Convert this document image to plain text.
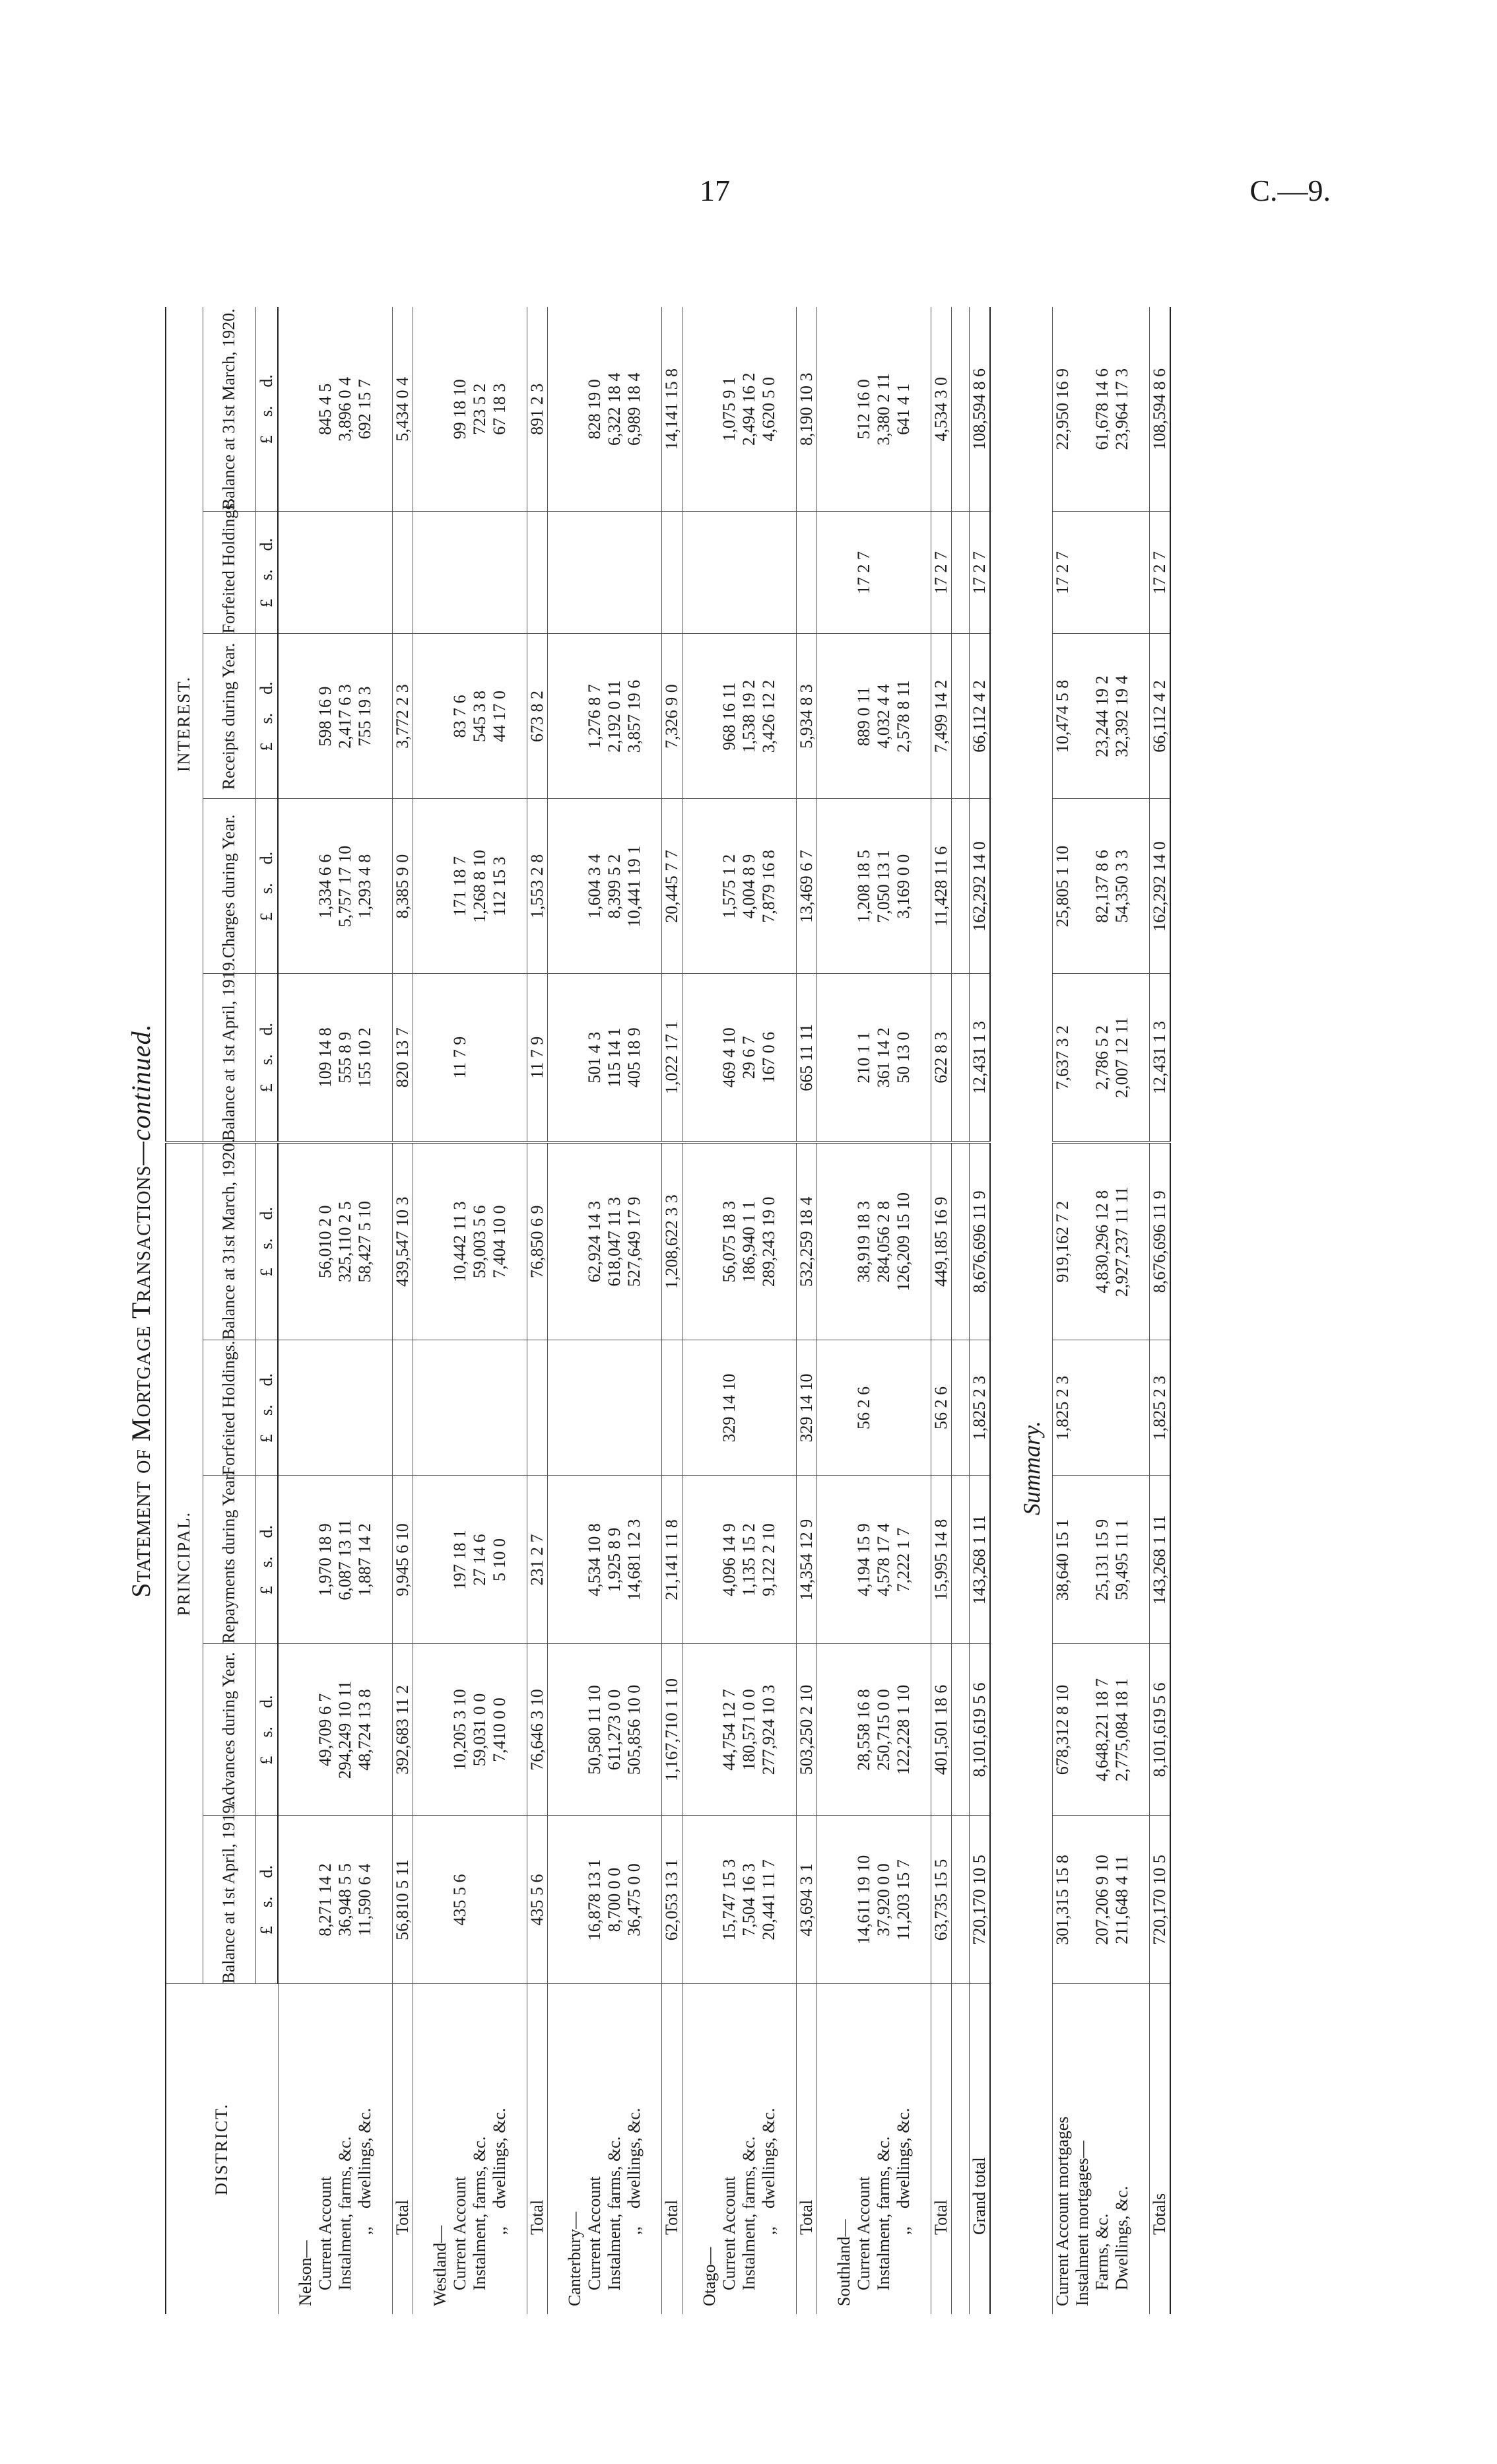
17	C.—9.
Statement of Mortgage Transactions—continued.
DISTRICT.	PRINCIPAL.					INTEREST.				
	Balance at 1st April, 1919.	Advances during Year.	Repayments during Year.	Forfeited Holdings.	Balance at 31st March, 1920.	Balance at 1st April, 1919.	Charges during Year.	Receipts during Year.	Forfeited Holdings.	Balance at 31st March, 1920.
	£s.d.	£s.d.	£s.d.	£s.d.	£s.d.	£s.d.	£s.d.	£s.d.	£s.d.	£s.d.

Nelson—										
Current Account	8,271 14 2	49,709 6 7	1,970 18 9		56,010 2 0	109 14 8	1,334 6 6	598 16 9		845 4 5
Instalment, farms, &c.	36,948 5 5	294,249 10 11	6,087 13 11		325,110 2 5	555 8 9	5,757 17 10	2,417 6 3		3,896 0 4
,,dwellings, &c.	11,590 6 4	48,724 13 8	1,887 14 2		58,427 5 10	155 10 2	1,293 4 8	755 19 3		692 15 7

Total	56,810 5 11	392,683 11 2	9,945 6 10		439,547 10 3	820 13 7	8,385 9 0	3,772 2 3		5,434 0 4

Westland—										
Current Account	435 5 6	10,205 3 10	197 18 1		10,442 11 3	11 7 9	171 18 7	83 7 6		99 18 10
Instalment, farms, &c.		59,031 0 0	27 14 6		59,003 5 6		1,268 8 10	545 3 8		723 5 2
,,dwellings, &c.		7,410 0 0	5 10 0		7,404 10 0		112 15 3	44 17 0		67 18 3

Total	435 5 6	76,646 3 10	231 2 7		76,850 6 9	11 7 9	1,553 2 8	673 8 2		891 2 3

Canterbury—										
Current Account	16,878 13 1	50,580 11 10	4,534 10 8		62,924 14 3	501 4 3	1,604 3 4	1,276 8 7		828 19 0
Instalment, farms, &c.	8,700 0 0	611,273 0 0	1,925 8 9		618,047 11 3	115 14 1	8,399 5 2	2,192 0 11		6,322 18 4
,,dwellings, &c.	36,475 0 0	505,856 10 0	14,681 12 3		527,649 17 9	405 18 9	10,441 19 1	3,857 19 6		6,989 18 4

Total	62,053 13 1	1,167,710 1 10	21,141 11 8		1,208,622 3 3	1,022 17 1	20,445 7 7	7,326 9 0		14,141 15 8

Otago—										
Current Account	15,747 15 3	44,754 12 7	4,096 14 9	329 14 10	56,075 18 3	469 4 10	1,575 1 2	968 16 11		1,075 9 1
Instalment, farms, &c.	7,504 16 3	180,571 0 0	1,135 15 2		186,940 1 1	29 6 7	4,004 8 9	1,538 19 2		2,494 16 2
,,dwellings, &c.	20,441 11 7	277,924 10 3	9,122 2 10		289,243 19 0	167 0 6	7,879 16 8	3,426 12 2		4,620 5 0

Total	43,694 3 1	503,250 2 10	14,354 12 9	329 14 10	532,259 18 4	665 11 11	13,469 6 7	5,934 8 3		8,190 10 3

Southland—										
Current Account	14,611 19 10	28,558 16 8	4,194 15 9	56 2 6	38,919 18 3	210 1 1	1,208 18 5	889 0 11	17 2 7	512 16 0
Instalment, farms, &c.	37,920 0 0	250,715 0 0	4,578 17 4		284,056 2 8	361 14 2	7,050 13 1	4,032 4 4		3,380 2 11
,,dwellings, &c.	11,203 15 7	122,228 1 10	7,222 1 7		126,209 15 10	50 13 0	3,169 0 0	2,578 8 11		641 4 1

Total	63,735 15 5	401,501 18 6	15,995 14 8	56 2 6	449,185 16 9	622 8 3	11,428 11 6	7,499 14 2	17 2 7	4,534 3 0

Grand total	720,170 10 5	8,101,619 5 6	143,268 1 11	1,825 2 3	8,676,696 11 9	12,431 1 3	162,292 14 0	66,112 4 2	17 2 7	108,594 8 6
Summary.
Current Account mortgages	301,315 15 8	678,312 8 10	38,640 15 1	1,825 2 3	919,162 7 2	7,637 3 2	25,805 1 10	10,474 5 8	17 2 7	22,950 16 9
Instalment mortgages—										
Farms, &c.	207,206 9 10	4,648,221 18 7	25,131 15 9		4,830,296 12 8	2,786 5 2	82,137 8 6	23,244 19 2		61,678 14 6
Dwellings, &c.	211,648 4 11	2,775,084 18 1	59,495 11 1		2,927,237 11 11	2,007 12 11	54,350 3 3	32,392 19 4		23,964 17 3

Totals	720,170 10 5	8,101,619 5 6	143,268 1 11	1,825 2 3	8,676,696 11 9	12,431 1 3	162,292 14 0	66,112 4 2	17 2 7	108,594 8 6
